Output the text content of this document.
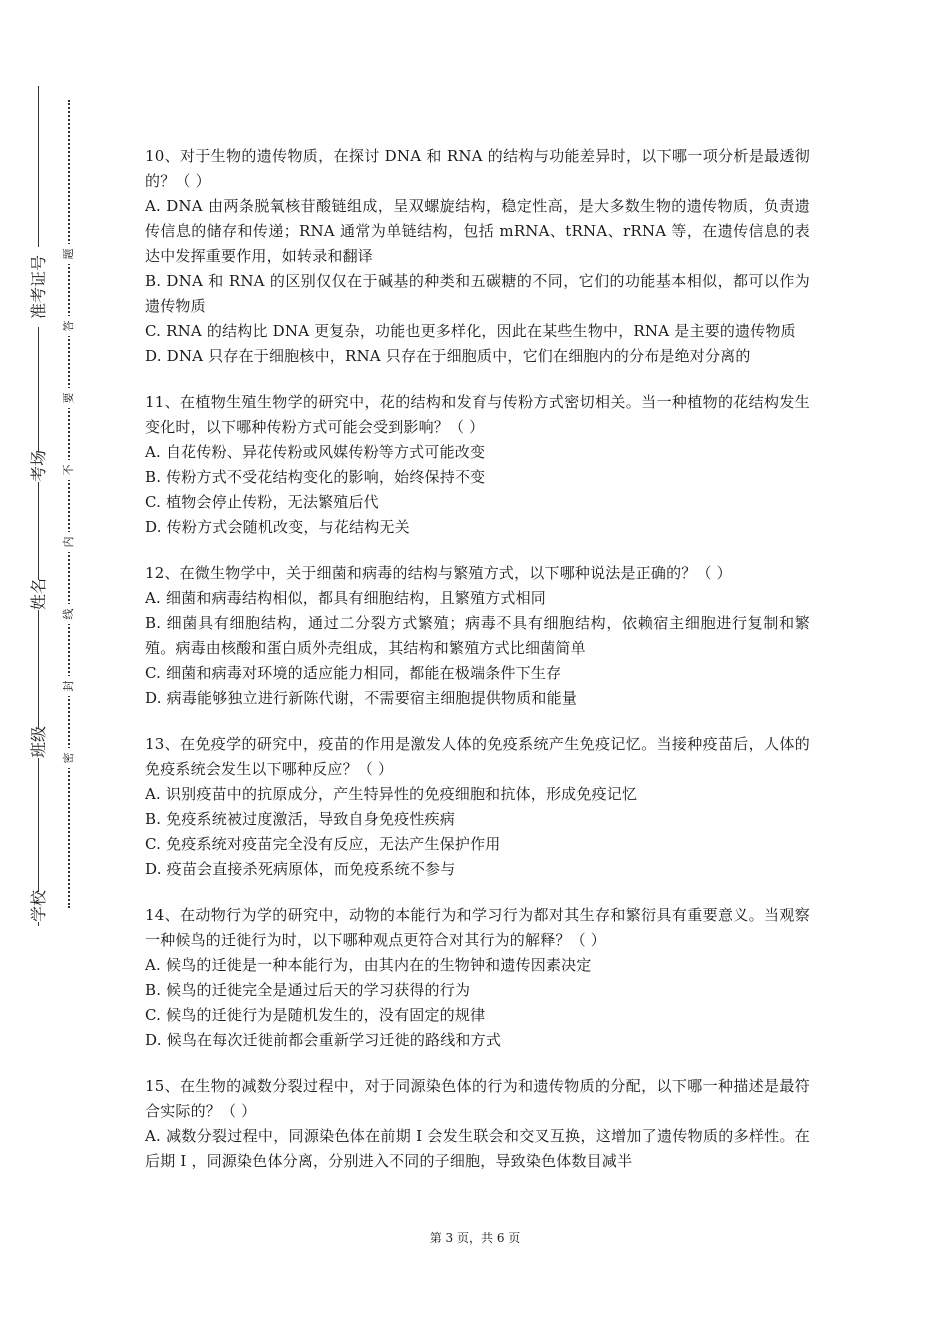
准考证号
考场
姓名
班级
学校
题
答
要
不
内
线
封
密

10、对于生物的遗传物质，在探讨 DNA 和 RNA 的结构与功能差异时，以下哪一项分析是最透彻的？（ ）

A. DNA 由两条脱氧核苷酸链组成，呈双螺旋结构，稳定性高，是大多数生物的遗传物质，负责遗传信息的储存和传递；RNA 通常为单链结构，包括 mRNA、tRNA、rRNA 等，在遗传信息的表达中发挥重要作用，如转录和翻译

B. DNA 和 RNA 的区别仅仅在于碱基的种类和五碳糖的不同，它们的功能基本相似，都可以作为遗传物质

C. RNA 的结构比 DNA 更复杂，功能也更多样化，因此在某些生物中，RNA 是主要的遗传物质

D. DNA 只存在于细胞核中，RNA 只存在于细胞质中，它们在细胞内的分布是绝对分离的

11、在植物生殖生物学的研究中，花的结构和发育与传粉方式密切相关。当一种植物的花结构发生变化时，以下哪种传粉方式可能会受到影响？（ ）

A. 自花传粉、异花传粉或风媒传粉等方式可能改变

B. 传粉方式不受花结构变化的影响，始终保持不变

C. 植物会停止传粉，无法繁殖后代

D. 传粉方式会随机改变，与花结构无关

12、在微生物学中，关于细菌和病毒的结构与繁殖方式，以下哪种说法是正确的？（ ）

A. 细菌和病毒结构相似，都具有细胞结构，且繁殖方式相同

B. 细菌具有细胞结构，通过二分裂方式繁殖；病毒不具有细胞结构，依赖宿主细胞进行复制和繁殖。病毒由核酸和蛋白质外壳组成，其结构和繁殖方式比细菌简单

C. 细菌和病毒对环境的适应能力相同，都能在极端条件下生存

D. 病毒能够独立进行新陈代谢，不需要宿主细胞提供物质和能量

13、在免疫学的研究中，疫苗的作用是激发人体的免疫系统产生免疫记忆。当接种疫苗后，人体的免疫系统会发生以下哪种反应？（ ）

A. 识别疫苗中的抗原成分，产生特异性的免疫细胞和抗体，形成免疫记忆

B. 免疫系统被过度激活，导致自身免疫性疾病

C. 免疫系统对疫苗完全没有反应，无法产生保护作用

D. 疫苗会直接杀死病原体，而免疫系统不参与

14、在动物行为学的研究中，动物的本能行为和学习行为都对其生存和繁衍具有重要意义。当观察一种候鸟的迁徙行为时，以下哪种观点更符合对其行为的解释？（ ）

A. 候鸟的迁徙是一种本能行为，由其内在的生物钟和遗传因素决定

B. 候鸟的迁徙完全是通过后天的学习获得的行为

C. 候鸟的迁徙行为是随机发生的，没有固定的规律

D. 候鸟在每次迁徙前都会重新学习迁徙的路线和方式

15、在生物的减数分裂过程中，对于同源染色体的行为和遗传物质的分配，以下哪一种描述是最符合实际的？（ ）

A. 减数分裂过程中，同源染色体在前期 Ⅰ 会发生联会和交叉互换，这增加了遗传物质的多样性。在后期 Ⅰ ，同源染色体分离，分别进入不同的子细胞，导致染色体数目减半

第 3 页，共 6 页
